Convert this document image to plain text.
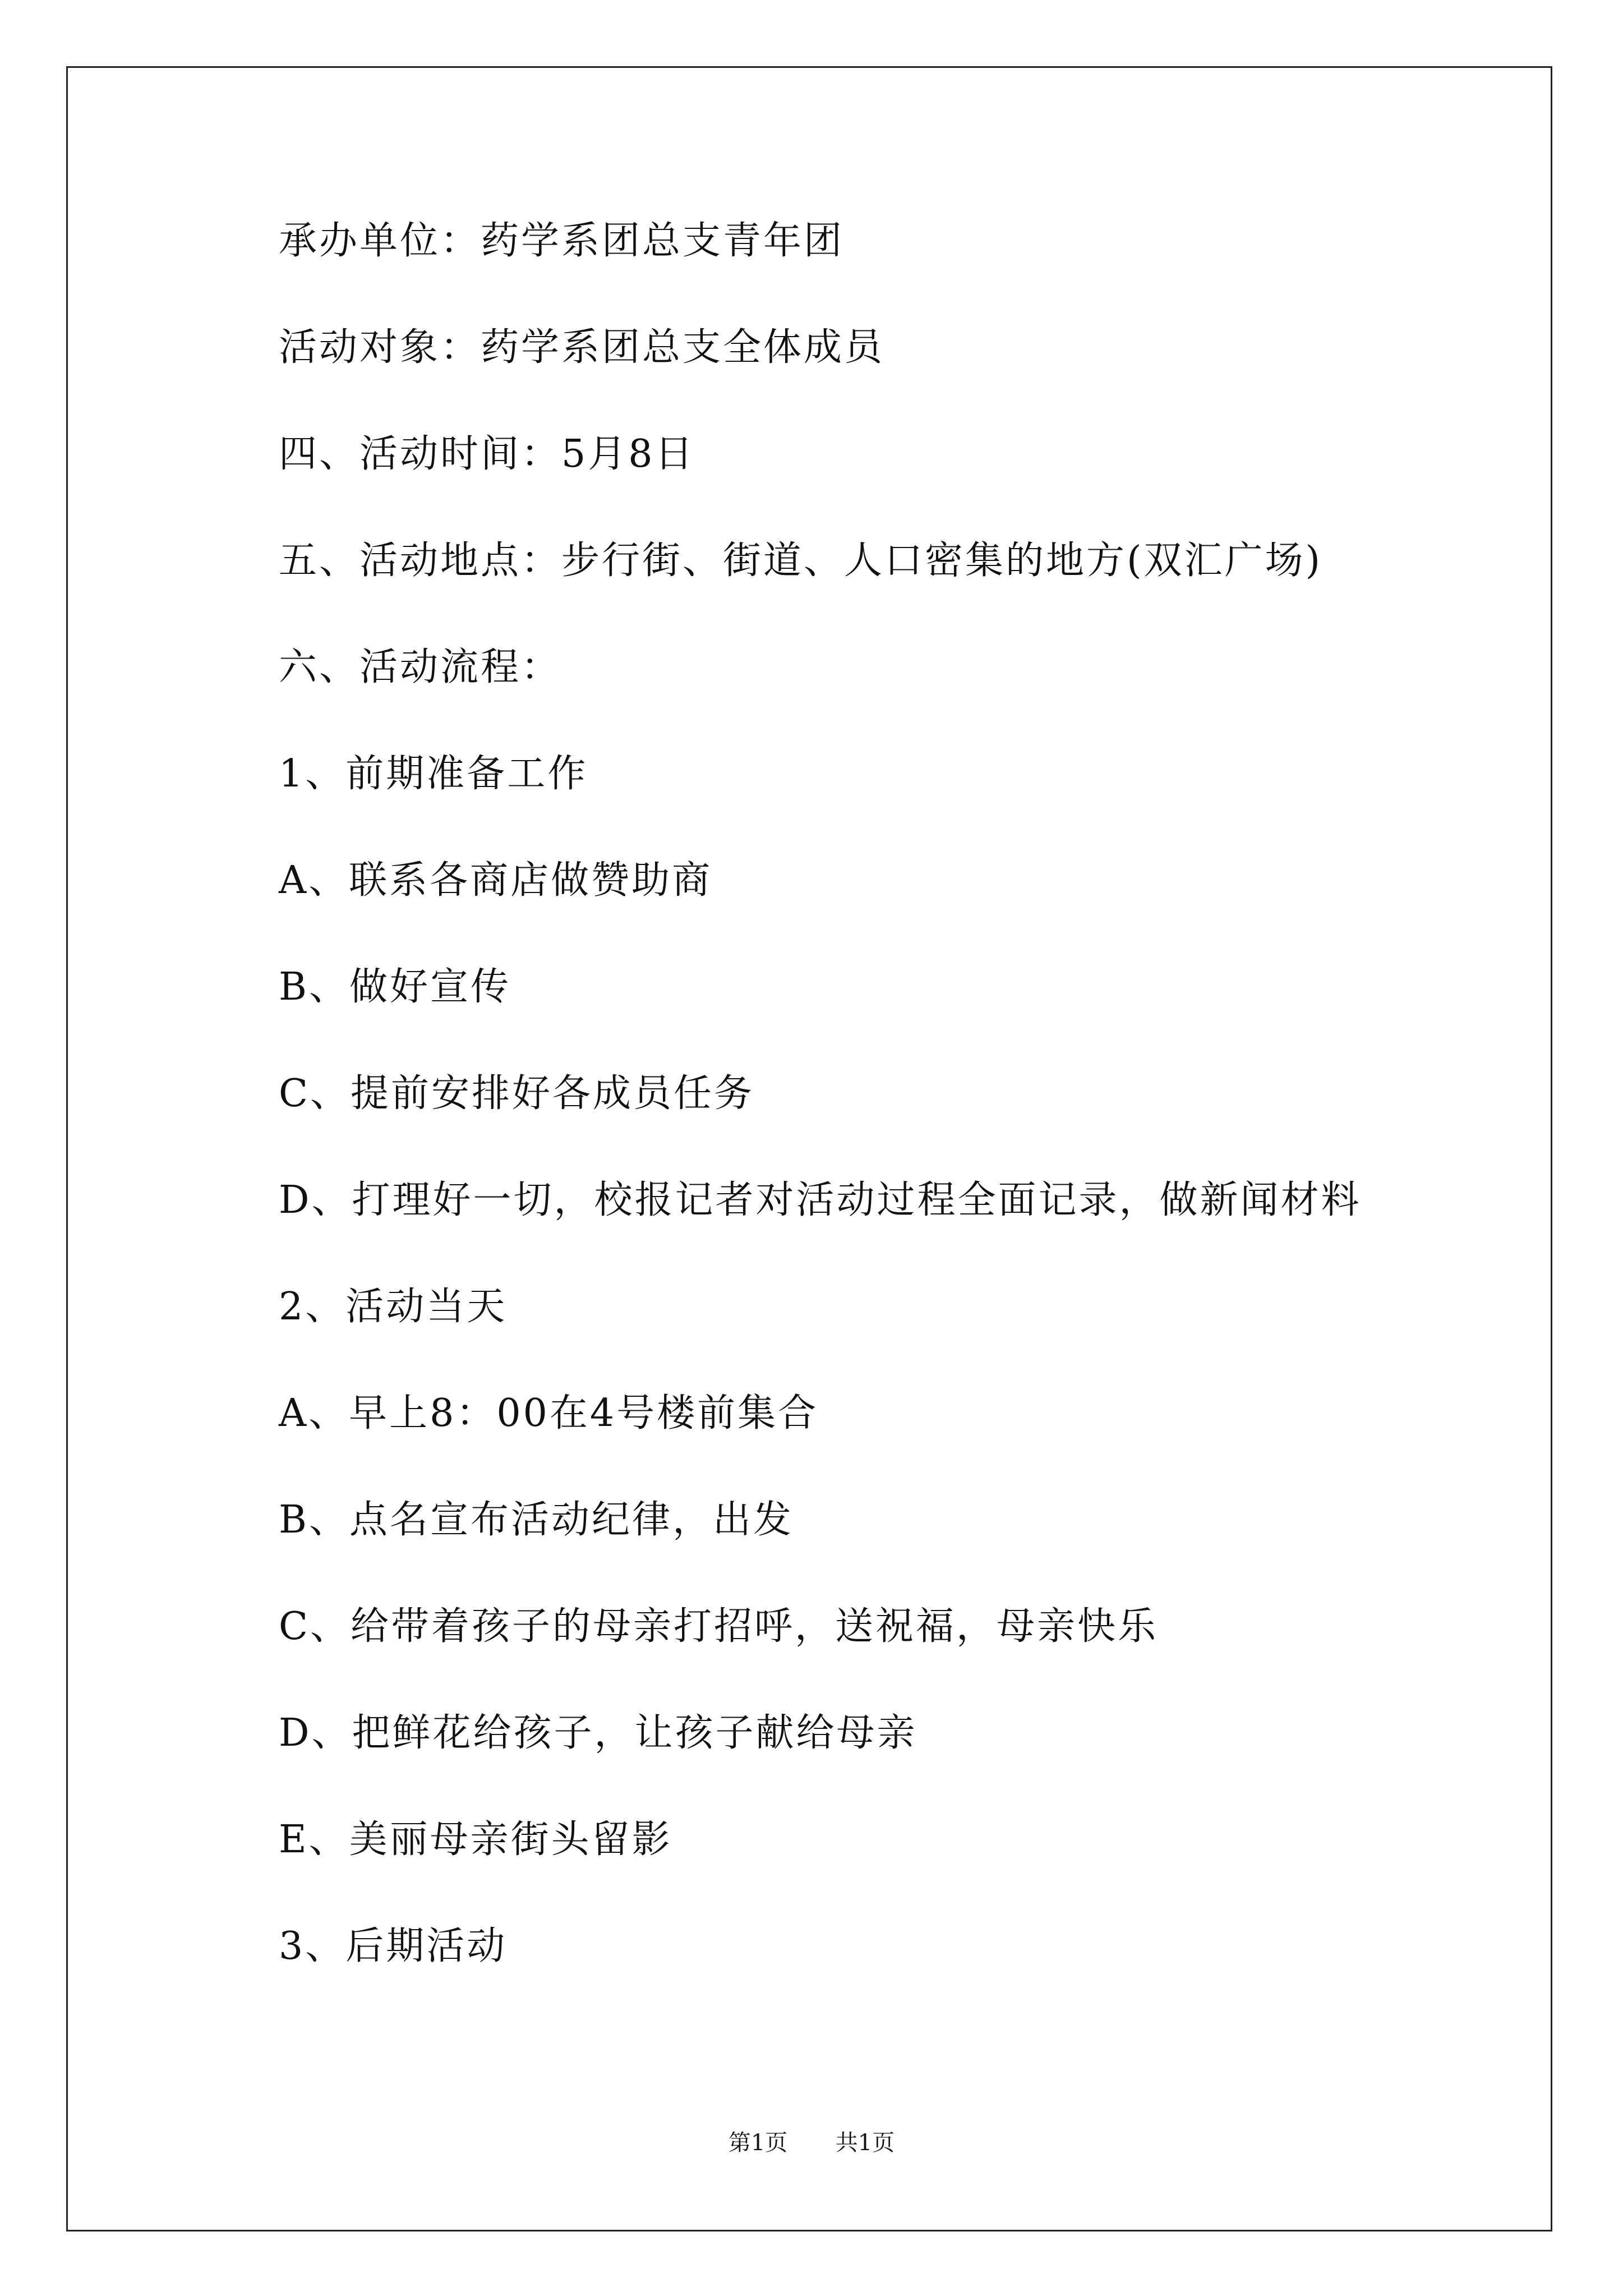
承办单位：药学系团总支青年团
活动对象：药学系团总支全体成员
四、活动时间：5月8日
五、活动地点：步行街、街道、人口密集的地方(双汇广场)
六、活动流程：
1、前期准备工作
A、联系各商店做赞助商
B、做好宣传
C、提前安排好各成员任务
D、打理好一切，校报记者对活动过程全面记录，做新闻材料
2、活动当天
A、早上8：00在4号楼前集合
B、点名宣布活动纪律，出发
C、给带着孩子的母亲打招呼，送祝福，母亲快乐
D、把鲜花给孩子，让孩子献给母亲
E、美丽母亲街头留影
3、后期活动
第1页 共1页
